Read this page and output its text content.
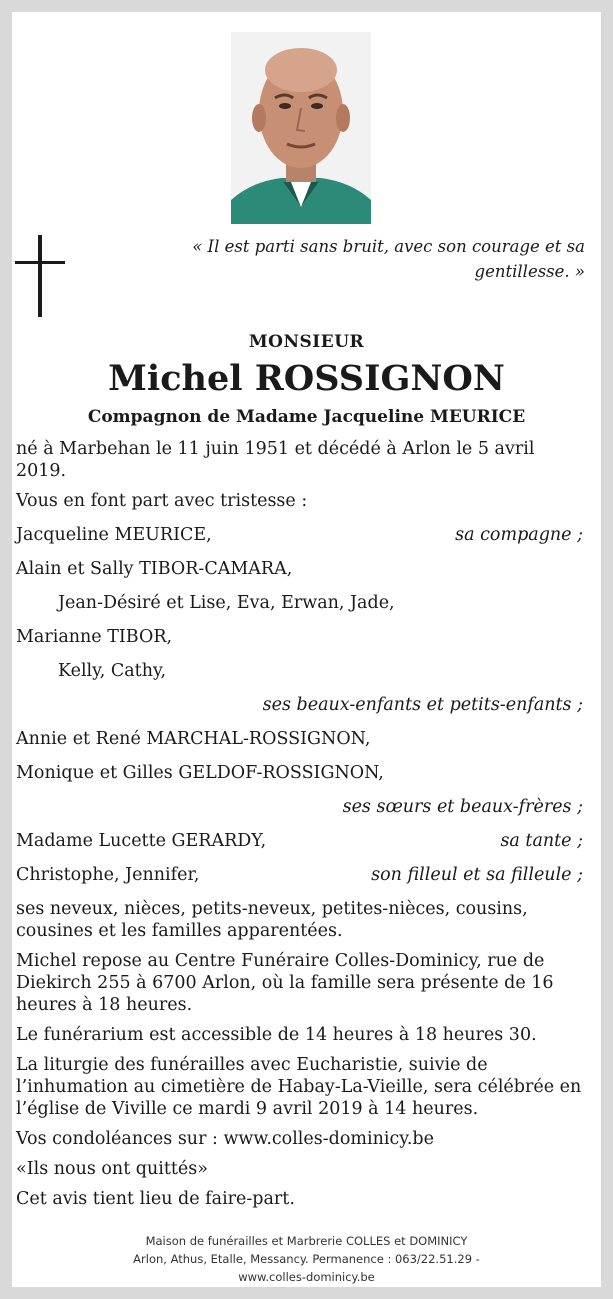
« Il est parti sans bruit, avec son courage et sa gentillesse. »
MONSIEUR
Michel ROSSIGNON
Compagnon de Madame Jacqueline MEURICE

né à Marbehan le 11 juin 1951 et décédé à Arlon le 5 avril 2019.

Vous en font part avec tristesse :
Jacqueline MEURICE,	sa compagne ;
Alain et Sally TIBOR-CAMARA,
Jean-Désiré et Lise, Eva, Erwan, Jade,
Marianne TIBOR,
Kelly, Cathy,
ses beaux-enfants et petits-enfants ;
Annie et René MARCHAL-ROSSIGNON,
Monique et Gilles GELDOF-ROSSIGNON,
ses sœurs et beaux-frères ;
Madame Lucette GERARDY,	sa tante ;
Christophe, Jennifer,	son filleul et sa filleule ;

ses neveux, nièces, petits-neveux, petites-nièces, cousins, cousines et les familles apparentées.

Michel repose au Centre Funéraire Colles-Dominicy, rue de Diekirch 255 à 6700 Arlon, où la famille sera présente de 16 heures à 18 heures.

Le funérarium est accessible de 14 heures à 18 heures 30.

La liturgie des funérailles avec Eucharistie, suivie de l’inhumation au cimetière de Habay-La-Vieille, sera célébrée en l’église de Viville ce mardi 9 avril 2019 à 14 heures.

Vos condoléances sur : www.colles-dominicy.be

«Ils nous ont quittés»

Cet avis tient lieu de faire-part.

Maison de funérailles et Marbrerie COLLES et DOMINICY
Arlon, Athus, Etalle, Messancy. Permanence : 063/22.51.29 -
www.colles-dominicy.be
